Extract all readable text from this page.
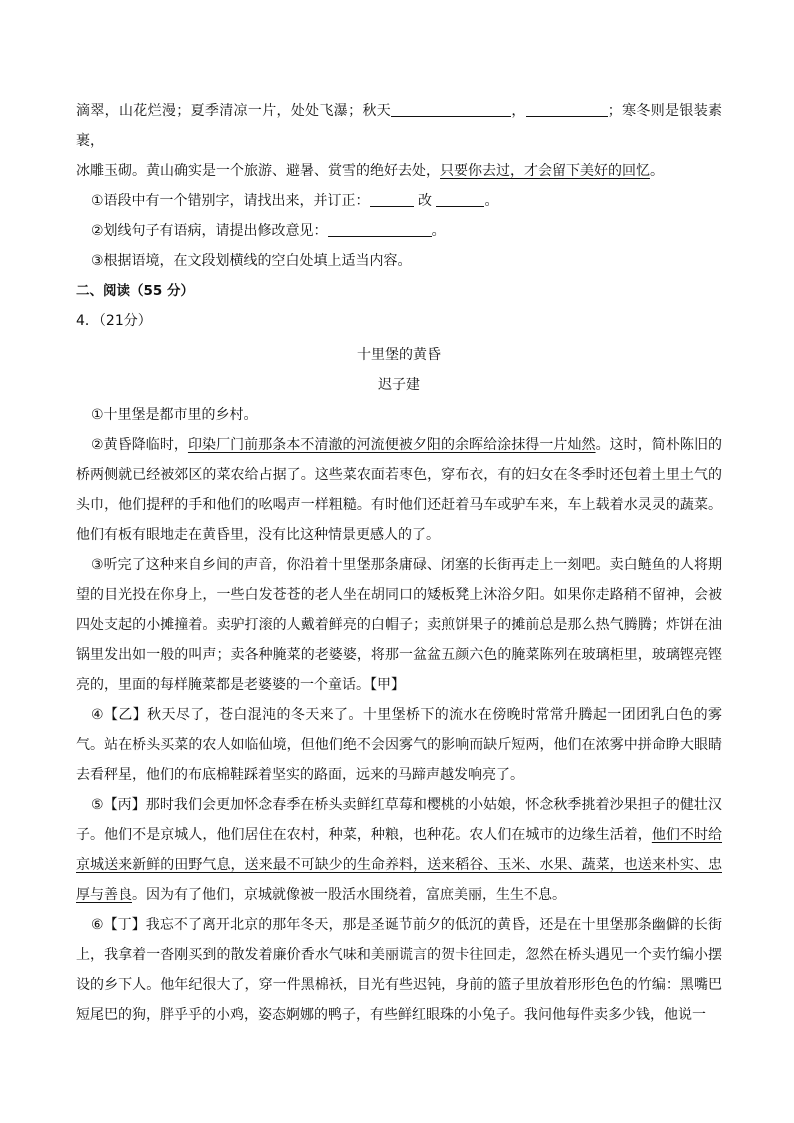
滴翠，山花烂漫；夏季清凉一片，处处飞瀑；秋天	，	；寒冬则是银装素裹，

冰雕玉砌。黄山确实是一个旅游、避暑、赏雪的绝好去处，只要你去过，才会留下美好的回忆。

①语段中有一个错别字，请找出来，并订正：	改	。

②划线句子有语病，请提出修改意见：	。

③根据语境，在文段划横线的空白处填上适当内容。

二、阅读（55 分）

4．（21分）

十里堡的黄昏

迟子建

①十里堡是都市里的乡村。

②黄昏降临时，印染厂门前那条本不清澈的河流便被夕阳的余晖给涂抹得一片灿然。这时，简朴陈旧的桥两侧就已经被郊区的菜农给占据了。这些菜农面若枣色，穿布衣，有的妇女在冬季时还包着土里土气的头巾，他们提秤的手和他们的吆喝声一样粗糙。有时他们还赶着马车或驴车来，车上载着水灵灵的蔬菜。他们有板有眼地走在黄昏里，没有比这种情景更感人的了。

③听完了这种来自乡间的声音，你沿着十里堡那条庸碌、闭塞的长街再走上一刻吧。卖白鲢鱼的人将期望的目光投在你身上，一些白发苍苍的老人坐在胡同口的矮板凳上沐浴夕阳。如果你走路稍不留神，会被四处支起的小摊撞着。卖驴打滚的人戴着鲜亮的白帽子；卖煎饼果子的摊前总是那么热气腾腾；炸饼在油锅里发出如一般的叫声；卖各种腌菜的老婆婆，将那一盆盆五颜六色的腌菜陈列在玻璃柜里，玻璃铿亮铿亮的，里面的每样腌菜都是老婆婆的一个童话。【甲】

④【乙】秋天尽了，苍白混沌的冬天来了。十里堡桥下的流水在傍晚时常常升腾起一团团乳白色的雾气。站在桥头买菜的农人如临仙境，但他们绝不会因雾气的影响而缺斤短两，他们在浓雾中拼命睁大眼睛去看秤星，他们的布底棉鞋踩着坚实的路面，远来的马蹄声越发响亮了。

⑤【丙】那时我们会更加怀念春季在桥头卖鲜红草莓和樱桃的小姑娘，怀念秋季挑着沙果担子的健壮汉子。他们不是京城人，他们居住在农村，种菜，种粮，也种花。农人们在城市的边缘生活着，他们不时给京城送来新鲜的田野气息，送来最不可缺少的生命养料，送来稻谷、玉米、水果、蔬菜，也送来朴实、忠厚与善良。因为有了他们，京城就像被一股活水围绕着，富庶美丽，生生不息。

⑥【丁】我忘不了离开北京的那年冬天，那是圣诞节前夕的低沉的黄昏，还是在十里堡那条幽僻的长街上，我拿着一沓刚买到的散发着廉价香水气味和美丽谎言的贺卡往回走，忽然在桥头遇见一个卖竹编小摆设的乡下人。他年纪很大了，穿一件黑棉袄，目光有些迟钝，身前的篮子里放着形形色色的竹编：黑嘴巴短尾巴的狗，胖乎乎的小鸡，姿态婀娜的鸭子，有些鲜红眼珠的小兔子。我问他每件卖多少钱，他说一
